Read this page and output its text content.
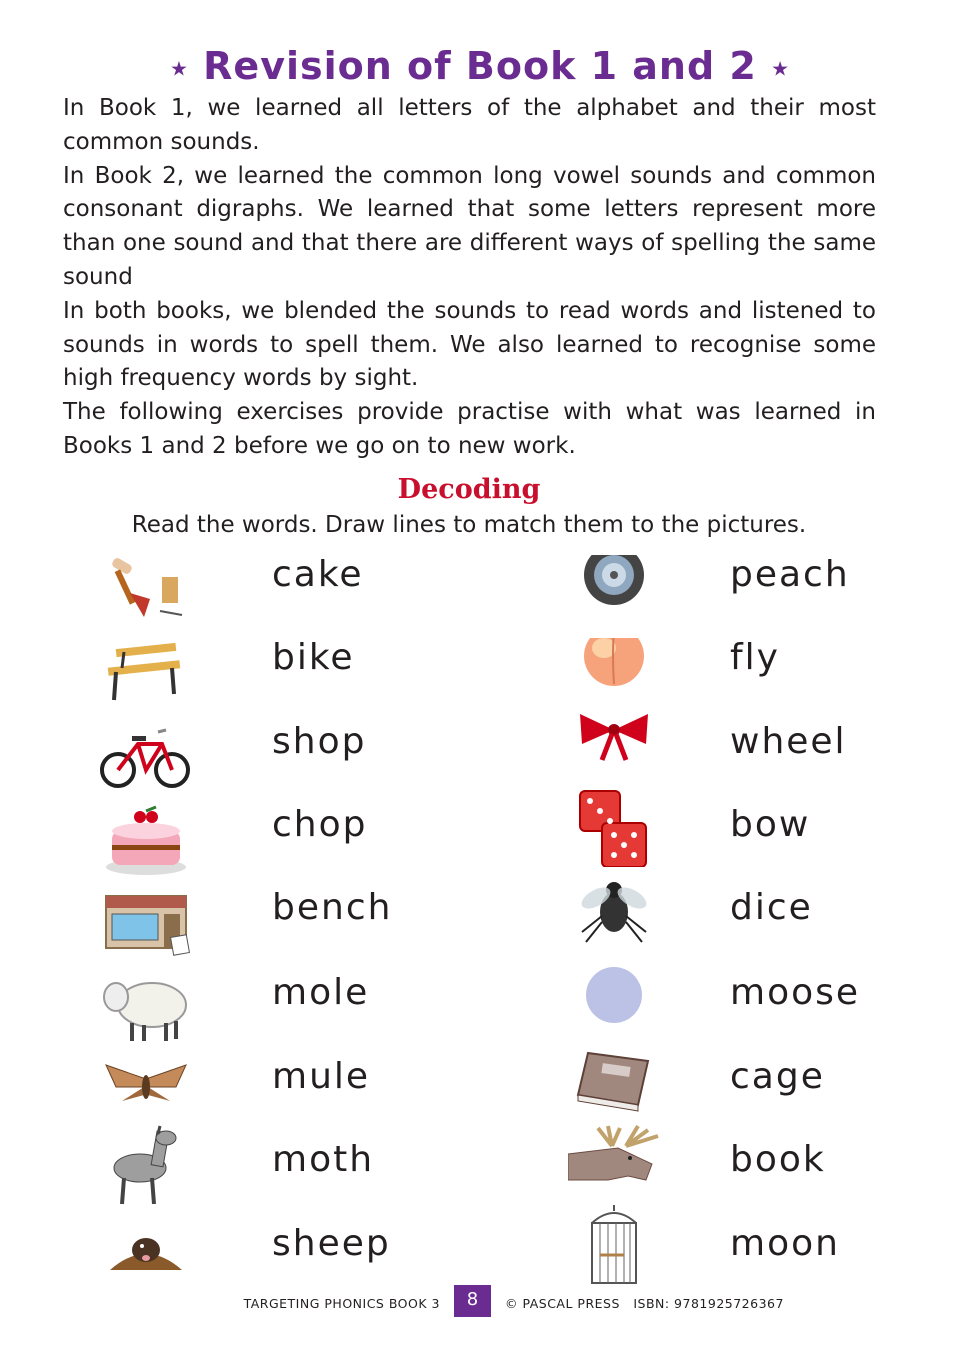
★ Revision of Book 1 and 2 ★

In Book 1, we learned all letters of the alphabet and their most common sounds.

In Book 2, we learned the common long vowel sounds and common consonant digraphs. We learned that some letters represent more than one sound and that there are different ways of spelling the same sound

In both books, we blended the sounds to read words and listened to sounds in words to spell them. We also learned to recognise some high frequency words by sight.

The following exercises provide practise with what was learned in Books 1 and 2 before we go on to new work.

Decoding
Read the words. Draw lines to match them to the pictures.
cake
bike
shop
chop
bench
mole
mule
moth
sheep
peach
fly
wheel
bow
dice
moose
cage
book
moon
TARGETING PHONICS BOOK 3	8	© PASCAL PRESS ISBN: 9781925726367
